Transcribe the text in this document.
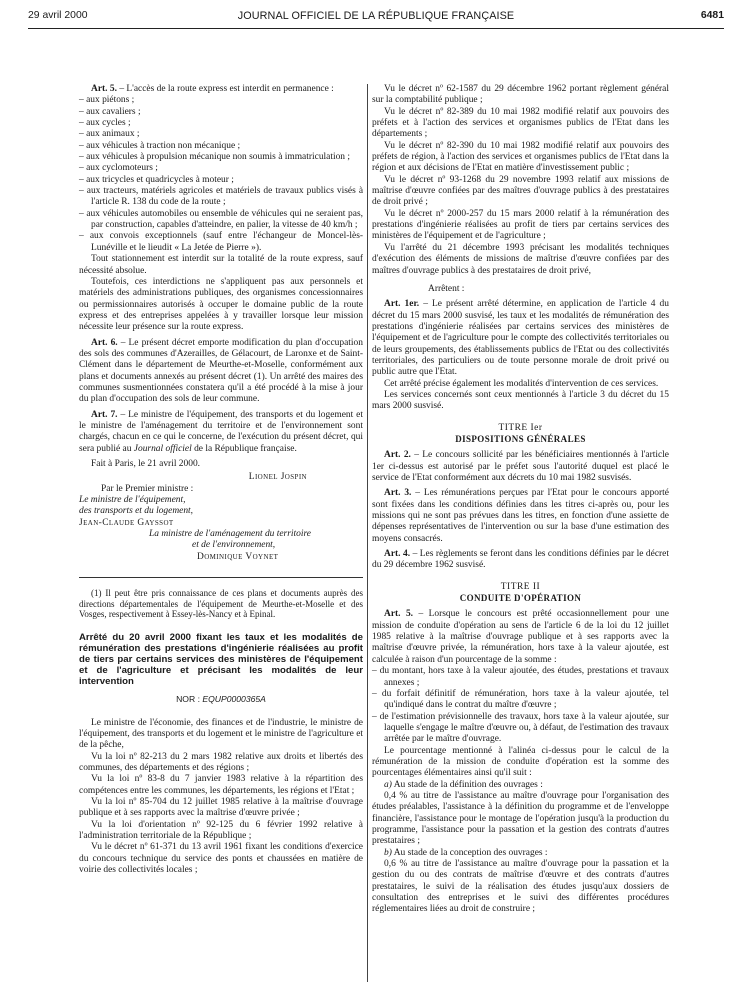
29 avril 2000	JOURNAL OFFICIEL DE LA RÉPUBLIQUE FRANÇAISE	6481

Art. 5. – L'accès de la route express est interdit en permanence :

– aux piétons ;
– aux cavaliers ;
– aux cycles ;
– aux animaux ;
– aux véhicules à traction non mécanique ;
– aux véhicules à propulsion mécanique non soumis à immatriculation ;
– aux cyclomoteurs ;
– aux tricycles et quadricycles à moteur ;
– aux tracteurs, matériels agricoles et matériels de travaux publics visés à l'article R. 138 du code de la route ;
– aux véhicules automobiles ou ensemble de véhicules qui ne seraient pas, par construction, capables d'atteindre, en palier, la vitesse de 40 km/h ;
– aux convois exceptionnels (sauf entre l'échangeur de Moncel-lès-Lunéville et le lieudit « La Jetée de Pierre »).

Tout stationnement est interdit sur la totalité de la route express, sauf nécessité absolue.

Toutefois, ces interdictions ne s'appliquent pas aux personnels et matériels des administrations publiques, des organismes concessionnaires ou permissionnaires autorisés à occuper le domaine public de la route express et des entreprises appelées à y travailler lorsque leur mission nécessite leur présence sur la route express.

Art. 6. – Le présent décret emporte modification du plan d'occupation des sols des communes d'Azerailles, de Gélacourt, de Laronxe et de Saint-Clément dans le département de Meurthe-et-Moselle, conformément aux plans et documents annexés au présent décret (1). Un arrêté des maires des communes susmentionnées constatera qu'il a été procédé à la mise à jour du plan d'occupation des sols de leur commune.

Art. 7. – Le ministre de l'équipement, des transports et du logement et le ministre de l'aménagement du territoire et de l'environnement sont chargés, chacun en ce qui le concerne, de l'exécution du présent décret, qui sera publié au Journal officiel de la République française.

Fait à Paris, le 21 avril 2000.

Lionel Jospin

Par le Premier ministre :

Le ministre de l'équipement,

des transports et du logement,

Jean-Claude Gayssot

La ministre de l'aménagement du territoire

et de l'environnement,

Dominique Voynet

(1) Il peut être pris connaissance de ces plans et documents auprès des directions départementales de l'équipement de Meurthe-et-Moselle et des Vosges, respectivement à Essey-lès-Nancy et à Epinal.

Arrêté du 20 avril 2000 fixant les taux et les modalités de rémunération des prestations d'ingénierie réalisées au profit de tiers par certains services des ministères de l'équipement et de l'agriculture et précisant les modalités de leur intervention

NOR : EQUP0000365A

Le ministre de l'économie, des finances et de l'industrie, le ministre de l'équipement, des transports et du logement et le ministre de l'agriculture et de la pêche,

Vu la loi nº 82-213 du 2 mars 1982 relative aux droits et libertés des communes, des départements et des régions ;

Vu la loi nº 83-8 du 7 janvier 1983 relative à la répartition des compétences entre les communes, les départements, les régions et l'Etat ;

Vu la loi nº 85-704 du 12 juillet 1985 relative à la maîtrise d'ouvrage publique et à ses rapports avec la maîtrise d'œuvre privée ;

Vu la loi d'orientation nº 92-125 du 6 février 1992 relative à l'administration territoriale de la République ;

Vu le décret nº 61-371 du 13 avril 1961 fixant les conditions d'exercice du concours technique du service des ponts et chaussées en matière de voirie des collectivités locales ;

Vu le décret nº 62-1587 du 29 décembre 1962 portant règlement général sur la comptabilité publique ;

Vu le décret nº 82-389 du 10 mai 1982 modifié relatif aux pouvoirs des préfets et à l'action des services et organismes publics de l'Etat dans les départements ;

Vu le décret nº 82-390 du 10 mai 1982 modifié relatif aux pouvoirs des préfets de région, à l'action des services et organismes publics de l'Etat dans la région et aux décisions de l'Etat en matière d'investissement public ;

Vu le décret nº 93-1268 du 29 novembre 1993 relatif aux missions de maîtrise d'œuvre confiées par des maîtres d'ouvrage publics à des prestataires de droit privé ;

Vu le décret nº 2000-257 du 15 mars 2000 relatif à la rémunération des prestations d'ingénierie réalisées au profit de tiers par certains services des ministères de l'équipement et de l'agriculture ;

Vu l'arrêté du 21 décembre 1993 précisant les modalités techniques d'exécution des éléments de missions de maîtrise d'œuvre confiées par des maîtres d'ouvrage publics à des prestataires de droit privé,

Arrêtent :

Art. 1er. – Le présent arrêté détermine, en application de l'article 4 du décret du 15 mars 2000 susvisé, les taux et les modalités de rémunération des prestations d'ingénierie réalisées par certains services des ministères de l'équipement et de l'agriculture pour le compte des collectivités territoriales ou de leurs groupements, des établissements publics de l'Etat ou des collectivités territoriales, des particuliers ou de toute personne morale de droit privé ou public autre que l'Etat.

Cet arrêté précise également les modalités d'intervention de ces services.

Les services concernés sont ceux mentionnés à l'article 3 du décret du 15 mars 2000 susvisé.

TITRE Ier

DISPOSITIONS GÉNÉRALES

Art. 2. – Le concours sollicité par les bénéficiaires mentionnés à l'article 1er ci-dessus est autorisé par le préfet sous l'autorité duquel est placé le service de l'Etat conformément aux décrets du 10 mai 1982 susvisés.

Art. 3. – Les rémunérations perçues par l'Etat pour le concours apporté sont fixées dans les conditions définies dans les titres ci-après ou, pour les missions qui ne sont pas prévues dans les titres, en fonction d'une assiette de dépenses représentatives de l'intervention ou sur la base d'une estimation des moyens consacrés.

Art. 4. – Les règlements se feront dans les conditions définies par le décret du 29 décembre 1962 susvisé.

TITRE II

CONDUITE D'OPÉRATION

Art. 5. – Lorsque le concours est prêté occasionnellement pour une mission de conduite d'opération au sens de l'article 6 de la loi du 12 juillet 1985 relative à la maîtrise d'ouvrage publique et à ses rapports avec la maîtrise d'œuvre privée, la rémunération, hors taxe à la valeur ajoutée, est calculée à raison d'un pourcentage de la somme :

– du montant, hors taxe à la valeur ajoutée, des études, prestations et travaux annexes ;
– du forfait définitif de rémunération, hors taxe à la valeur ajoutée, tel qu'indiqué dans le contrat du maître d'œuvre ;
– de l'estimation prévisionnelle des travaux, hors taxe à la valeur ajoutée, sur laquelle s'engage le maître d'œuvre ou, à défaut, de l'estimation des travaux arrêtée par le maître d'ouvrage.

Le pourcentage mentionné à l'alinéa ci-dessus pour le calcul de la rémunération de la mission de conduite d'opération est la somme des pourcentages élémentaires ainsi qu'il suit :

a) Au stade de la définition des ouvrages :

0,4 % au titre de l'assistance au maître d'ouvrage pour l'organisation des études préalables, l'assistance à la définition du programme et de l'enveloppe financière, l'assistance pour le montage de l'opération jusqu'à la production du programme, l'assistance pour la passation et la gestion des contrats d'autres prestataires ;

b) Au stade de la conception des ouvrages :

0,6 % au titre de l'assistance au maître d'ouvrage pour la passation et la gestion du ou des contrats de maîtrise d'œuvre et des contrats d'autres prestataires, le suivi de la réalisation des études jusqu'aux dossiers de consultation des entreprises et le suivi des différentes procédures réglementaires liées au droit de construire ;
